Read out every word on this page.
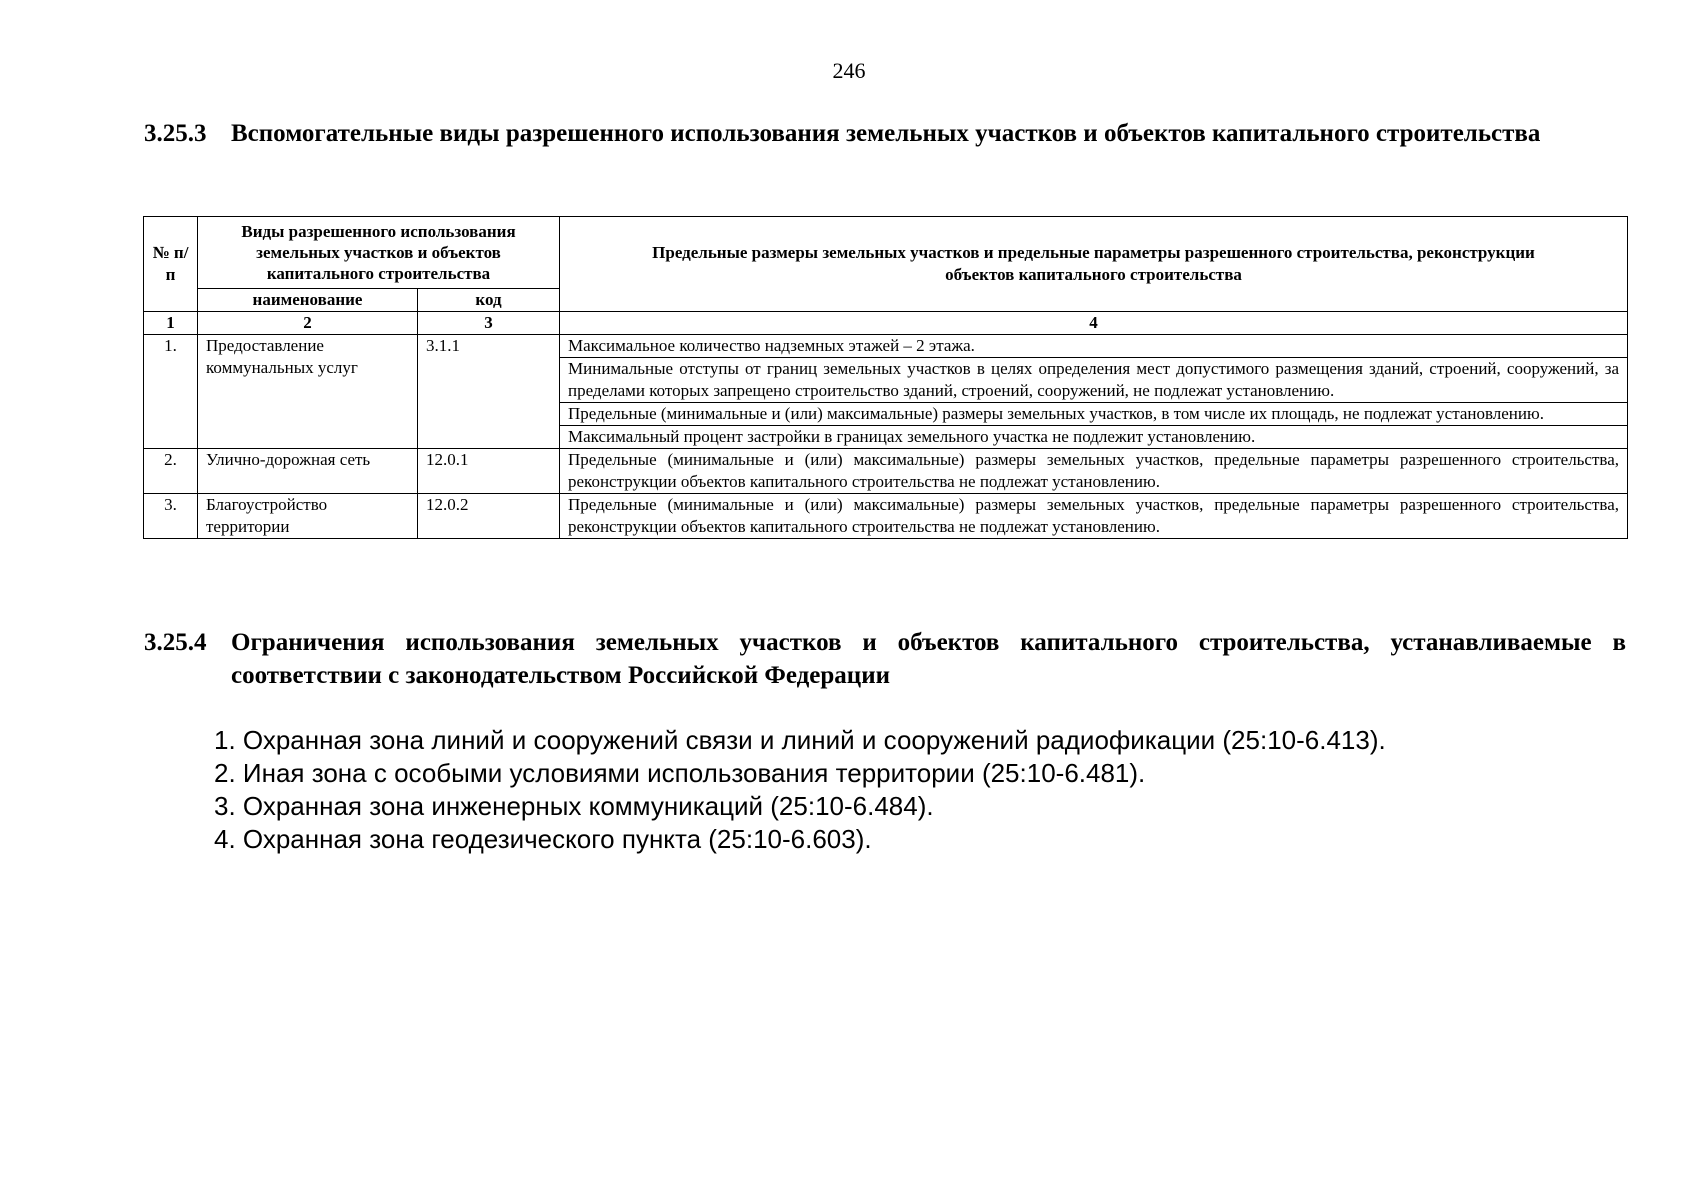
246
3.25.3 Вспомогательные виды разрешенного использования земельных участков и объектов капитального строительства
№ п/п	Виды разрешенного использования земельных участков и объектов капитального строительства		Предельные размеры земельных участков и предельные параметры разрешенного строительства, реконструкции объектов капитального строительства
	наименование	код	
1	2	3	4
1.	Предоставление коммунальных услуг	3.1.1	Максимальное количество надземных этажей – 2 этажа.
			Минимальные отступы от границ земельных участков в целях определения мест допустимого размещения зданий, строений, сооружений, за пределами которых запрещено строительство зданий, строений, сооружений, не подлежат установлению.
			Предельные (минимальные и (или) максимальные) размеры земельных участков, в том числе их площадь, не подлежат установлению.
			Максимальный процент застройки в границах земельного участка не подлежит установлению.
2.	Улично-дорожная сеть	12.0.1	Предельные (минимальные и (или) максимальные) размеры земельных участков, предельные параметры разрешенного строительства, реконструкции объектов капитального строительства не подлежат установлению.
3.	Благоустройство территории	12.0.2	Предельные (минимальные и (или) максимальные) размеры земельных участков, предельные параметры разрешенного строительства, реконструкции объектов капитального строительства не подлежат установлению.
3.25.4 Ограничения использования земельных участков и объектов капитального строительства, устанавливаемые в соответствии с законодательством Российской Федерации
1. Охранная зона линий и сооружений связи и линий и сооружений радиофикации (25:10-6.413).
2. Иная зона с особыми условиями использования территории (25:10-6.481).
3. Охранная зона инженерных коммуникаций (25:10-6.484).
4. Охранная зона геодезического пункта (25:10-6.603).
